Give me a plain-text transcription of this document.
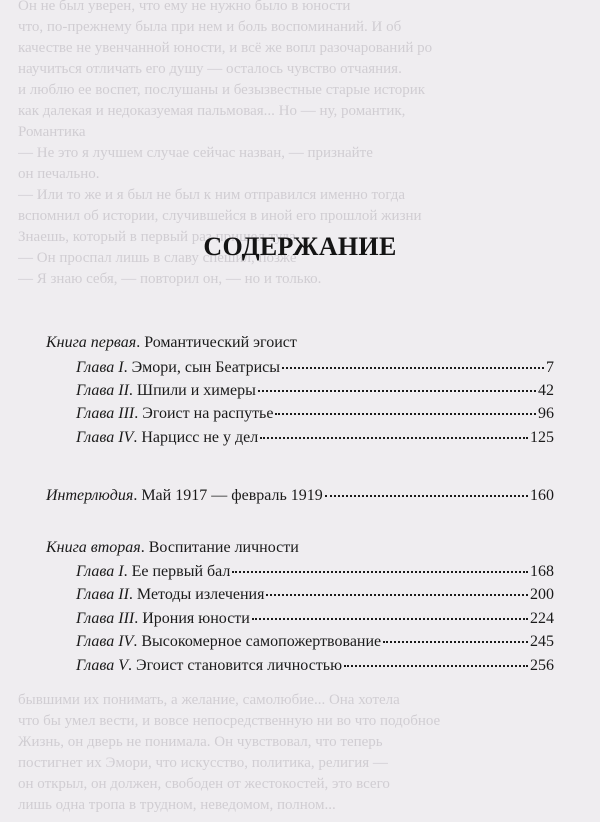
Он не был уверен, что ему не нужно было в юности
что, по-прежнему была при нем и боль воспоминаний. И об
качестве не увенчанной юности, и всё же вопл разочарований ро
научиться отличать его душу — осталось чувство отчаяния.
и люблю ее воспет, послушаны и безызвестные старые историк
как далекая и недоказуемая пальмовая... Но — ну, романтик,
Романтика
— Не это я лучшем случае сейчас назван, — признайте
он печально.
— Или то же и я был не был к ним отправился именно тогда
вспомнил об истории, случившейся в иной его прошлой жизни
Знаешь, который в первый раз пришел туда
— Он проспал лишь в славу спешил, позже
— Я знаю себя, — повторил он, — но и только.
СОДЕРЖАНИЕ
Книга первая. Романтический эгоист
Глава I . Эмори, сын Беатрисы	7
Глава II . Шпили и химеры	42
Глава III . Эгоист на распутье	96
Глава IV . Нарцисс не у дел	125
Интерлюдия . Май 1917 — февраль 1919	160
Книга вторая. Воспитание личности
Глава I . Ее первый бал	168
Глава II . Методы излечения	200
Глава III . Ирония юности	224
Глава IV . Высокомерное самопожертвование	245
Глава V . Эгоист становится личностью	256
бывшими их понимать, а желание, самолюбие... Она хотела
что бы умел вести, и вовсе непосредственную ни во что подобное
Жизнь, он дверь не понимала. Он чувствовал, что теперь
постигнет их Эмори, что искусство, политика, религия —
он открыл, он должен, свободен от жестокостей, это всего
лишь одна тропа в трудном, неведомом, полном...
